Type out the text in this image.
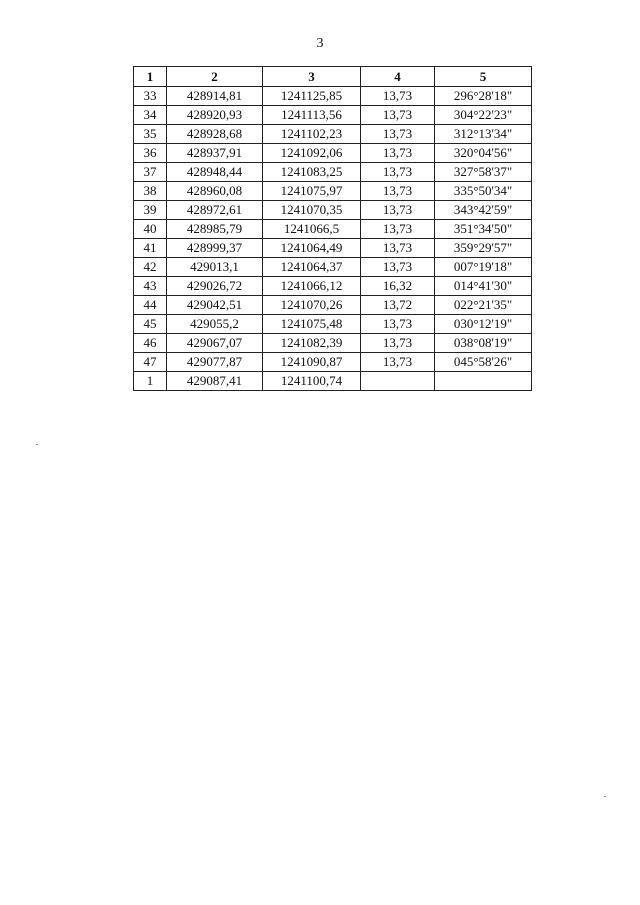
3
1	2	3	4	5
33	428914,81	1241125,85	13,73	296°28'18"
34	428920,93	1241113,56	13,73	304°22'23"
35	428928,68	1241102,23	13,73	312°13'34"
36	428937,91	1241092,06	13,73	320°04'56"
37	428948,44	1241083,25	13,73	327°58'37"
38	428960,08	1241075,97	13,73	335°50'34"
39	428972,61	1241070,35	13,73	343°42'59"
40	428985,79	1241066,5	13,73	351°34'50"
41	428999,37	1241064,49	13,73	359°29'57"
42	429013,1	1241064,37	13,73	007°19'18"
43	429026,72	1241066,12	16,32	014°41'30"
44	429042,51	1241070,26	13,72	022°21'35"
45	429055,2	1241075,48	13,73	030°12'19"
46	429067,07	1241082,39	13,73	038°08'19"
47	429077,87	1241090,87	13,73	045°58'26"
1	429087,41	1241100,74		
